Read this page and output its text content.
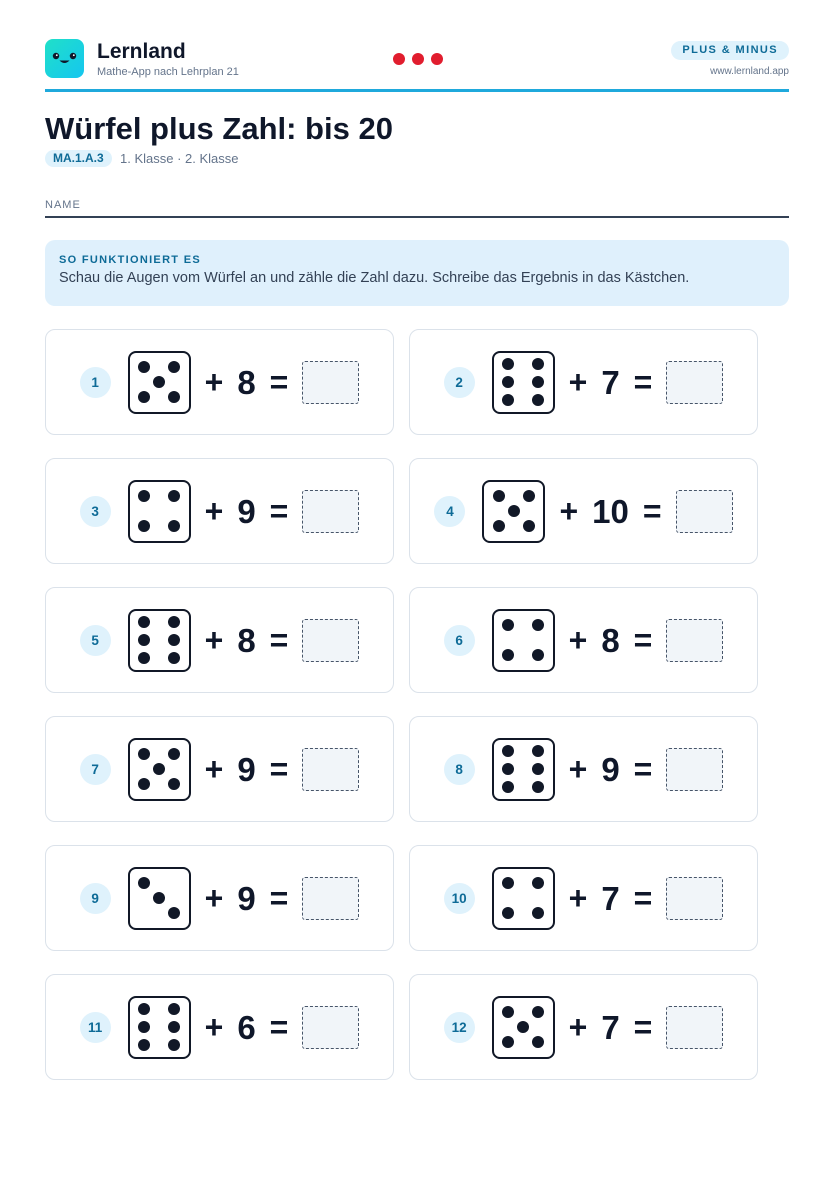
Lernland
Mathe-App nach Lehrplan 21
PLUS & MINUS
www.lernland.app
Würfel plus Zahl: bis 20
MA.1.A.3	1. Klasse · 2. Klasse
NAME
SO FUNKTIONIERT ES
Schau die Augen vom Würfel an und zähle die Zahl dazu. Schreibe das Ergebnis in das Kästchen.
1	+ 8 =	2	+ 7 =
3	+ 9 =	4	+ 10 =
5	+ 8 =	6	+ 8 =
7	+ 9 =	8	+ 9 =
9	+ 9 =	10	+ 7 =
11	+ 6 =	12	+ 7 =
